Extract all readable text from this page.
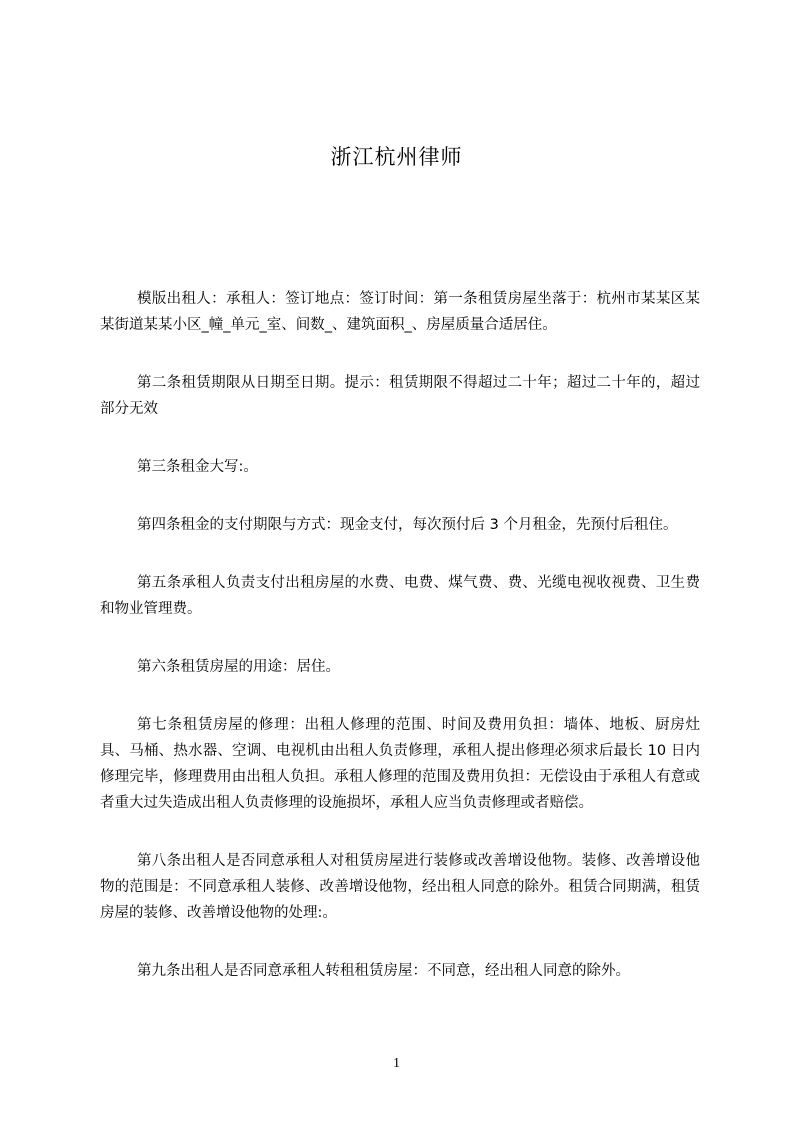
浙江杭州律师

模版出租人：承租人：签订地点：签订时间：第一条租赁房屋坐落于：杭州市某某区某某街道某某小区_幢_单元_室、间数_、建筑面积_、房屋质量合适居住。

第二条租赁期限从日期至日期。提示：租赁期限不得超过二十年；超过二十年的，超过部分无效

第三条租金大写:。

第四条租金的支付期限与方式：现金支付，每次预付后 3 个月租金，先预付后租住。

第五条承租人负责支付出租房屋的水费、电费、煤气费、费、光缆电视收视费、卫生费和物业管理费。

第六条租赁房屋的用途：居住。

第七条租赁房屋的修理：出租人修理的范围、时间及费用负担：墙体、地板、厨房灶具、马桶、热水器、空调、电视机由出租人负责修理，承租人提出修理必须求后最长 10 日内修理完毕，修理费用由出租人负担。承租人修理的范围及费用负担：无偿设由于承租人有意或者重大过失造成出租人负责修理的设施损坏，承租人应当负责修理或者赔偿。

第八条出租人是否同意承租人对租赁房屋进行装修或改善增设他物。装修、改善增设他物的范围是：不同意承租人装修、改善增设他物，经出租人同意的除外。租赁合同期满，租赁房屋的装修、改善增设他物的处理:。

第九条出租人是否同意承租人转租租赁房屋：不同意，经出租人同意的除外。

1
